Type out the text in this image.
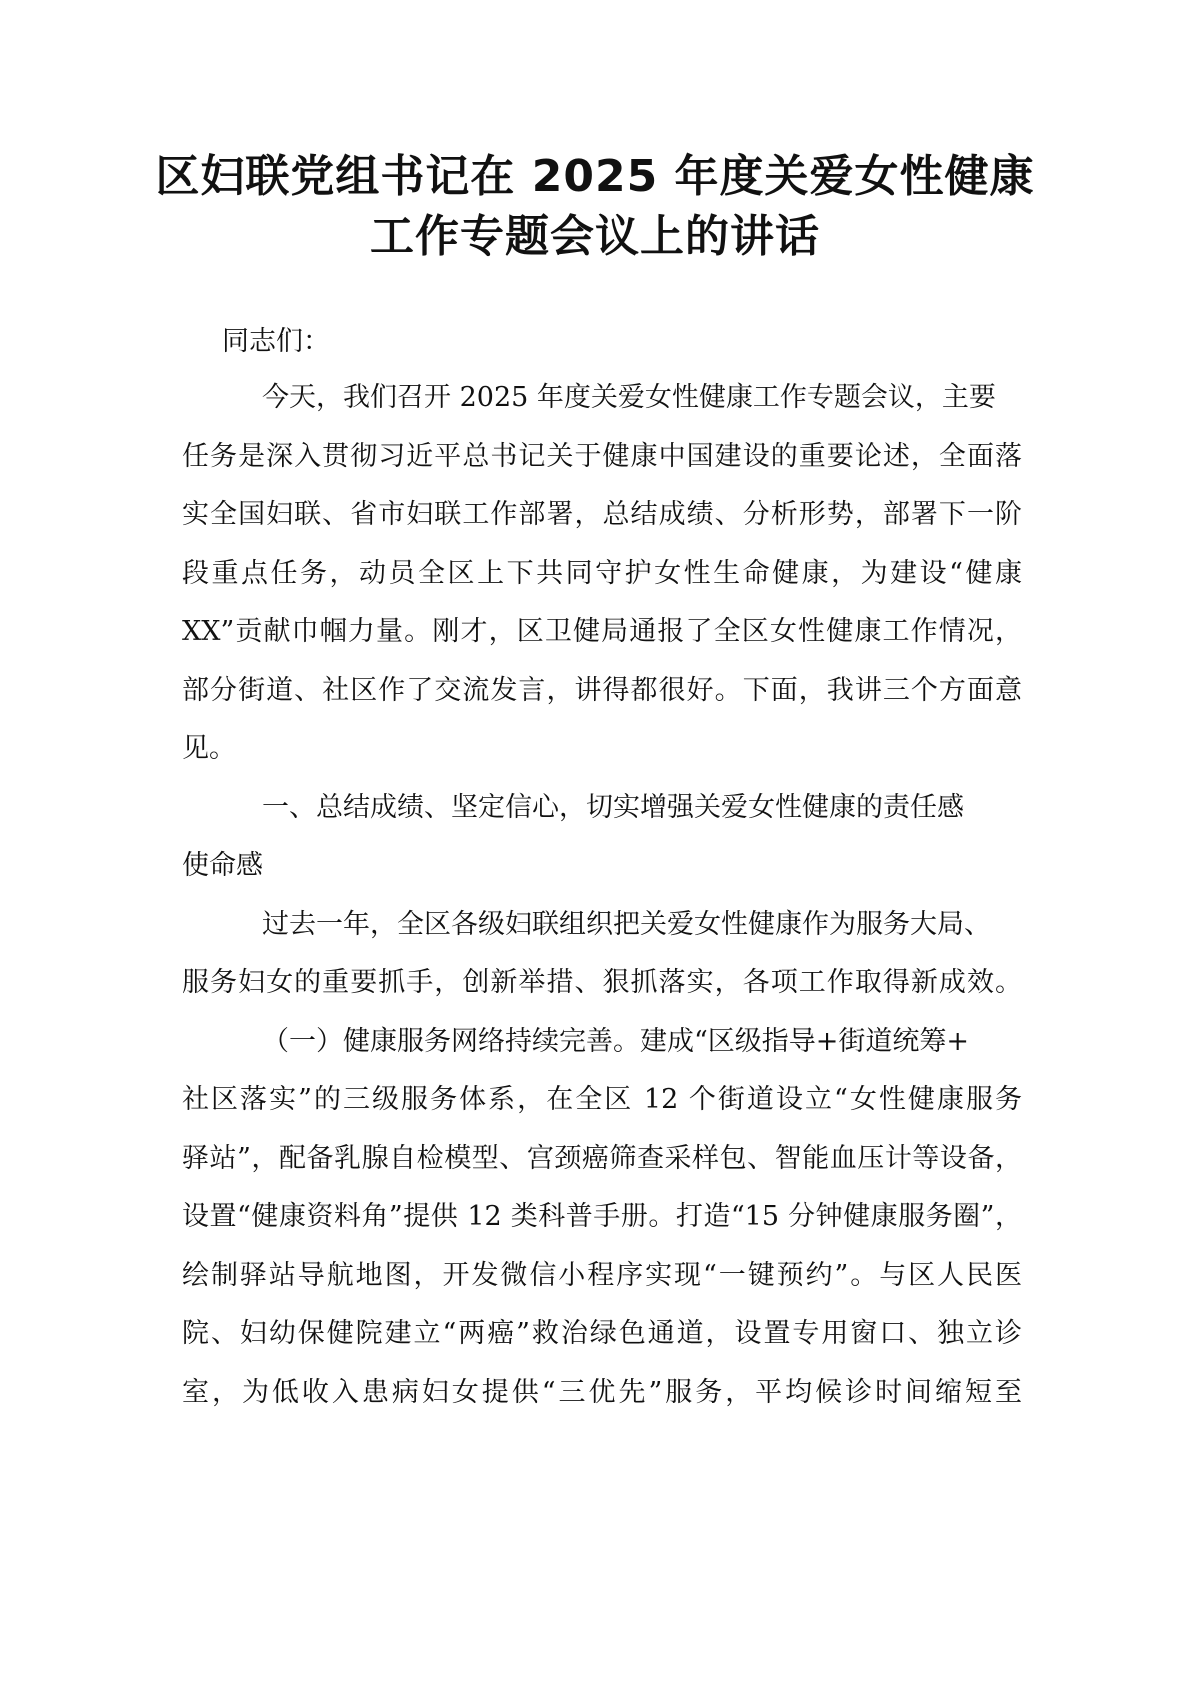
区妇联党组书记在 2025 年度关爱女性健康
工作专题会议上的讲话
同志们：
今天，我们召开 2025 年度关爱女性健康工作专题会议，主要
任务是深入贯彻习近平总书记关于健康中国建设的重要论述，全面落
实全国妇联、省市妇联工作部署，总结成绩、分析形势，部署下一阶
段重点任务，动员全区上下共同守护女性生命健康，为建设“健康
XX”贡献巾帼力量。刚才，区卫健局通报了全区女性健康工作情况，
部分街道、社区作了交流发言，讲得都很好。下面，我讲三个方面意
见。
一、总结成绩、坚定信心，切实增强关爱女性健康的责任感
使命感
过去一年，全区各级妇联组织把关爱女性健康作为服务大局、
服务妇女的重要抓手，创新举措、狠抓落实，各项工作取得新成效。
（一）健康服务网络持续完善。建成“区级指导+街道统筹+
社区落实”的三级服务体系，在全区 12 个街道设立“女性健康服务
驿站”，配备乳腺自检模型、宫颈癌筛查采样包、智能血压计等设备，
设置“健康资料角”提供 12 类科普手册。打造“15 分钟健康服务圈”，
绘制驿站导航地图，开发微信小程序实现“一键预约”。与区人民医
院、妇幼保健院建立“两癌”救治绿色通道，设置专用窗口、独立诊
室，为低收入患病妇女提供“三优先”服务，平均候诊时间缩短至
